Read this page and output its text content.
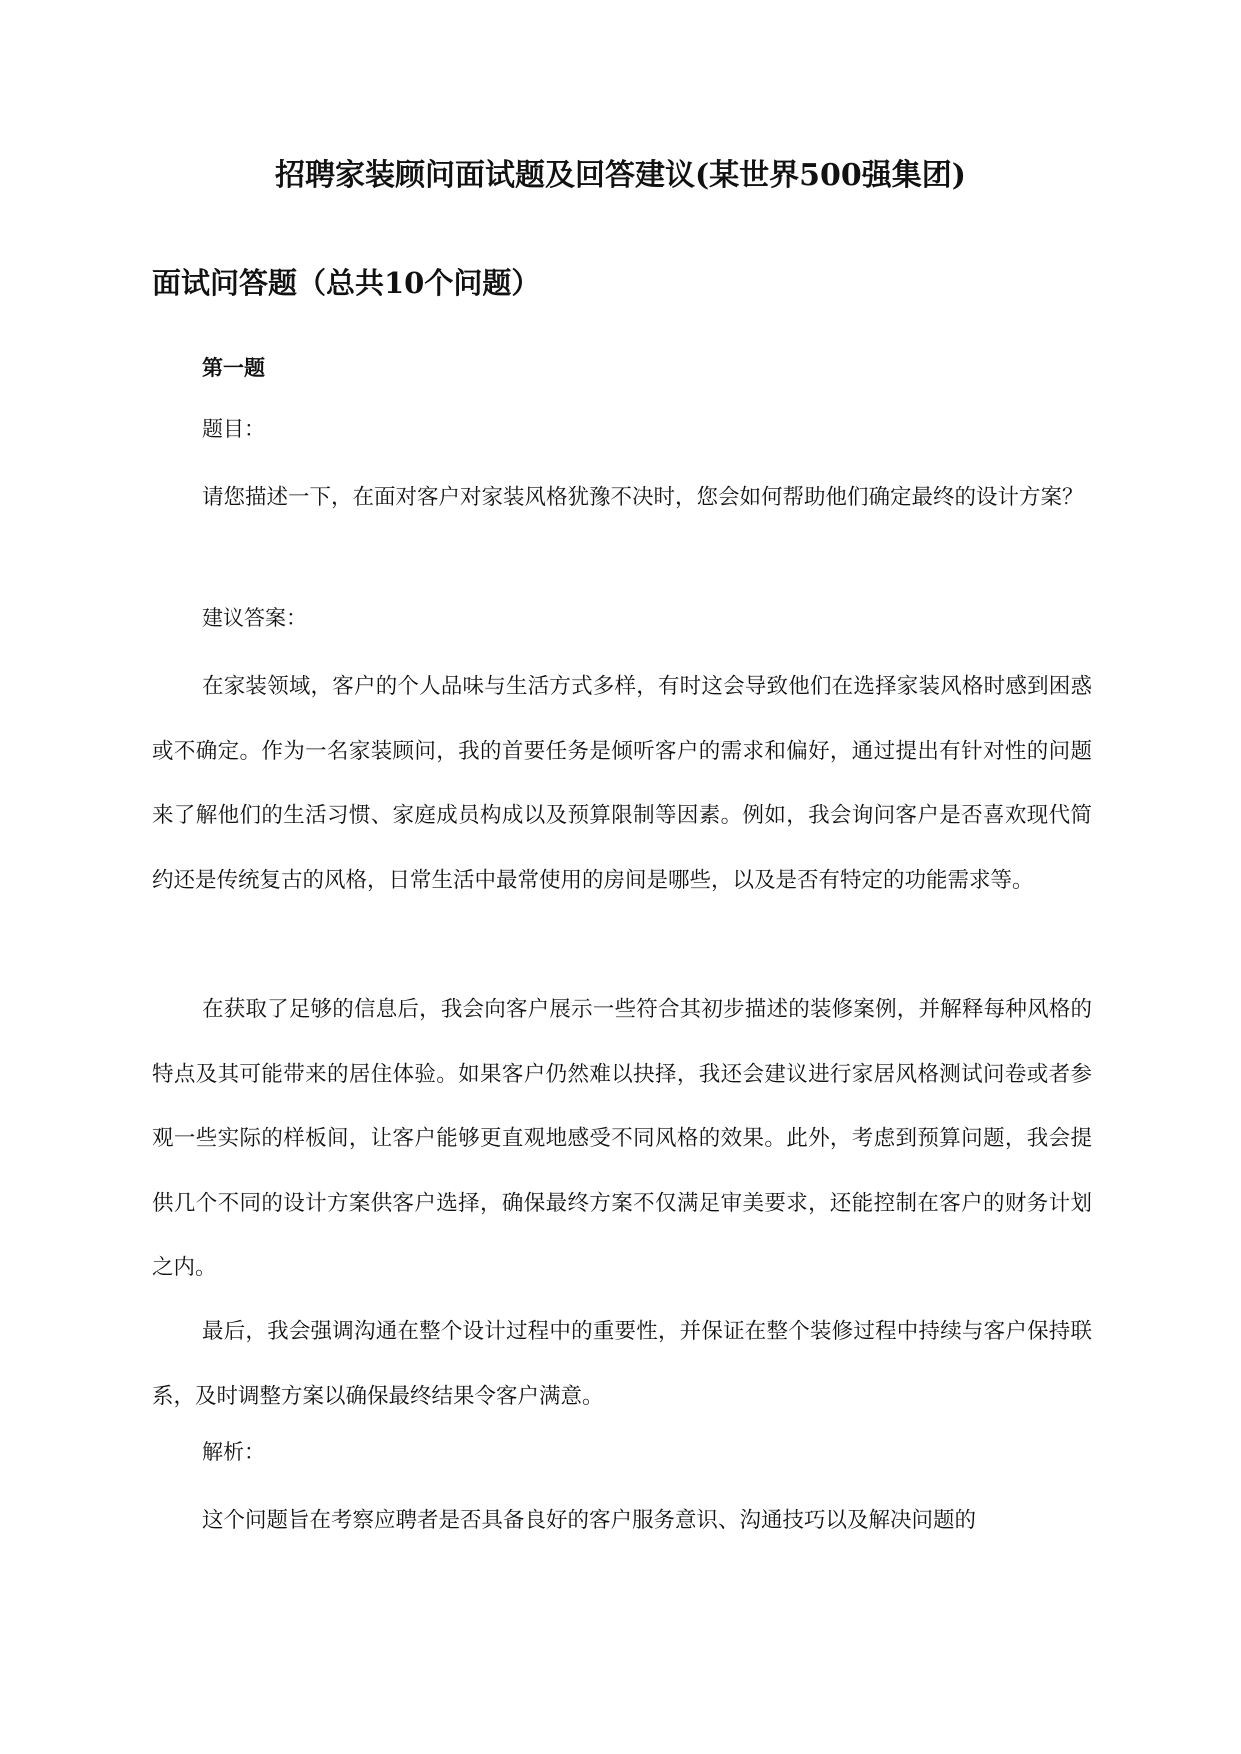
招聘家装顾问面试题及回答建议(某世界500强集团)
面试问答题（总共10个问题）
第一题

题目：

请您描述一下，在面对客户对家装风格犹豫不决时，您会如何帮助他们确定最终的设计方案？

建议答案：

在家装领域，客户的个人品味与生活方式多样，有时这会导致他们在选择家装风格时感到困惑或不确定。作为一名家装顾问，我的首要任务是倾听客户的需求和偏好，通过提出有针对性的问题来了解他们的生活习惯、家庭成员构成以及预算限制等因素。例如，我会询问客户是否喜欢现代简约还是传统复古的风格，日常生活中最常使用的房间是哪些，以及是否有特定的功能需求等。

在获取了足够的信息后，我会向客户展示一些符合其初步描述的装修案例，并解释每种风格的特点及其可能带来的居住体验。如果客户仍然难以抉择，我还会建议进行家居风格测试问卷或者参观一些实际的样板间，让客户能够更直观地感受不同风格的效果。此外，考虑到预算问题，我会提供几个不同的设计方案供客户选择，确保最终方案不仅满足审美要求，还能控制在客户的财务计划之内。

最后，我会强调沟通在整个设计过程中的重要性，并保证在整个装修过程中持续与客户保持联系，及时调整方案以确保最终结果令客户满意。

解析：

这个问题旨在考察应聘者是否具备良好的客户服务意识、沟通技巧以及解决问题的
